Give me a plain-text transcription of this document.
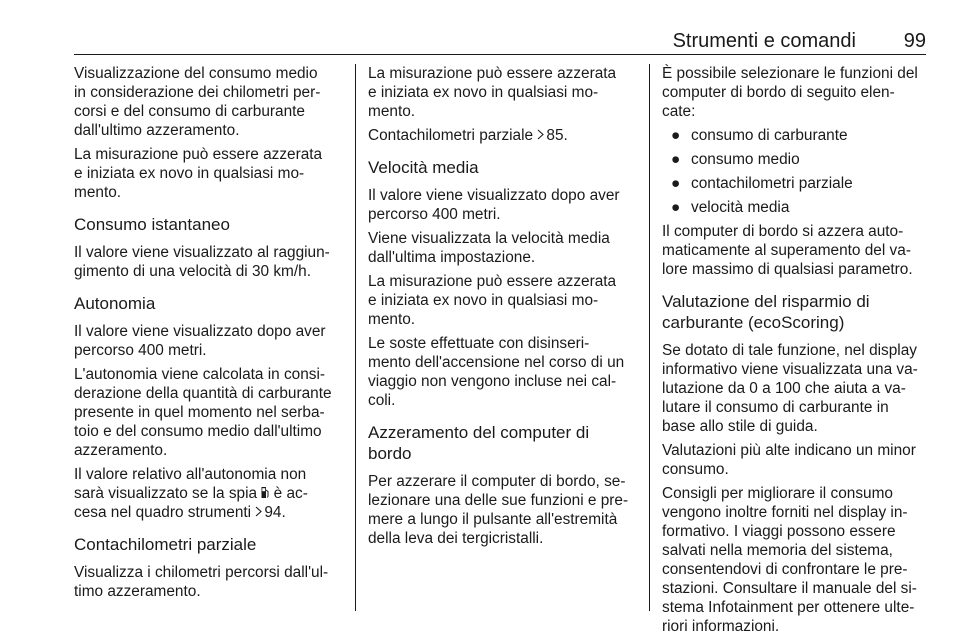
Strumenti e comandi 99

Visualizzazione del consumo medio
in considerazione dei chilometri per-
corsi e del consumo di carburante
dall'ultimo azzeramento.

La misurazione può essere azzerata
e iniziata ex novo in qualsiasi mo-
mento.

Consumo istantaneo

Il valore viene visualizzato al raggiun-
gimento di una velocità di 30 km/h.

Autonomia

Il valore viene visualizzato dopo aver
percorso 400 metri.

L'autonomia viene calcolata in consi-
derazione della quantità di carburante
presente in quel momento nel serba-
toio e del consumo medio dall'ultimo
azzeramento.

Il valore relativo all'autonomia non
sarà visualizzato se la spia è ac-
cesa nel quadro strumenti 94.

Contachilometri parziale

Visualizza i chilometri percorsi dall'ul-
timo azzeramento.

La misurazione può essere azzerata
e iniziata ex novo in qualsiasi mo-
mento.

Contachilometri parziale 85.

Velocità media

Il valore viene visualizzato dopo aver
percorso 400 metri.

Viene visualizzata la velocità media
dall'ultima impostazione.

La misurazione può essere azzerata
e iniziata ex novo in qualsiasi mo-
mento.

Le soste effettuate con disinseri-
mento dell'accensione nel corso di un
viaggio non vengono incluse nei cal-
coli.

Azzeramento del computer di
bordo

Per azzerare il computer di bordo, se-
lezionare una delle sue funzioni e pre-
mere a lungo il pulsante all'estremità
della leva dei tergicristalli.

È possibile selezionare le funzioni del
computer di bordo di seguito elen-
cate:

● consumo di carburante
● consumo medio
● contachilometri parziale
● velocità media

Il computer di bordo si azzera auto-
maticamente al superamento del va-
lore massimo di qualsiasi parametro.

Valutazione del risparmio di
carburante (ecoScoring)

Se dotato di tale funzione, nel display
informativo viene visualizzata una va-
lutazione da 0 a 100 che aiuta a va-
lutare il consumo di carburante in
base allo stile di guida.

Valutazioni più alte indicano un minor
consumo.

Consigli per migliorare il consumo
vengono inoltre forniti nel display in-
formativo. I viaggi possono essere
salvati nella memoria del sistema,
consentendovi di confrontare le pre-
stazioni. Consultare il manuale del si-
stema Infotainment per ottenere ulte-
riori informazioni.
